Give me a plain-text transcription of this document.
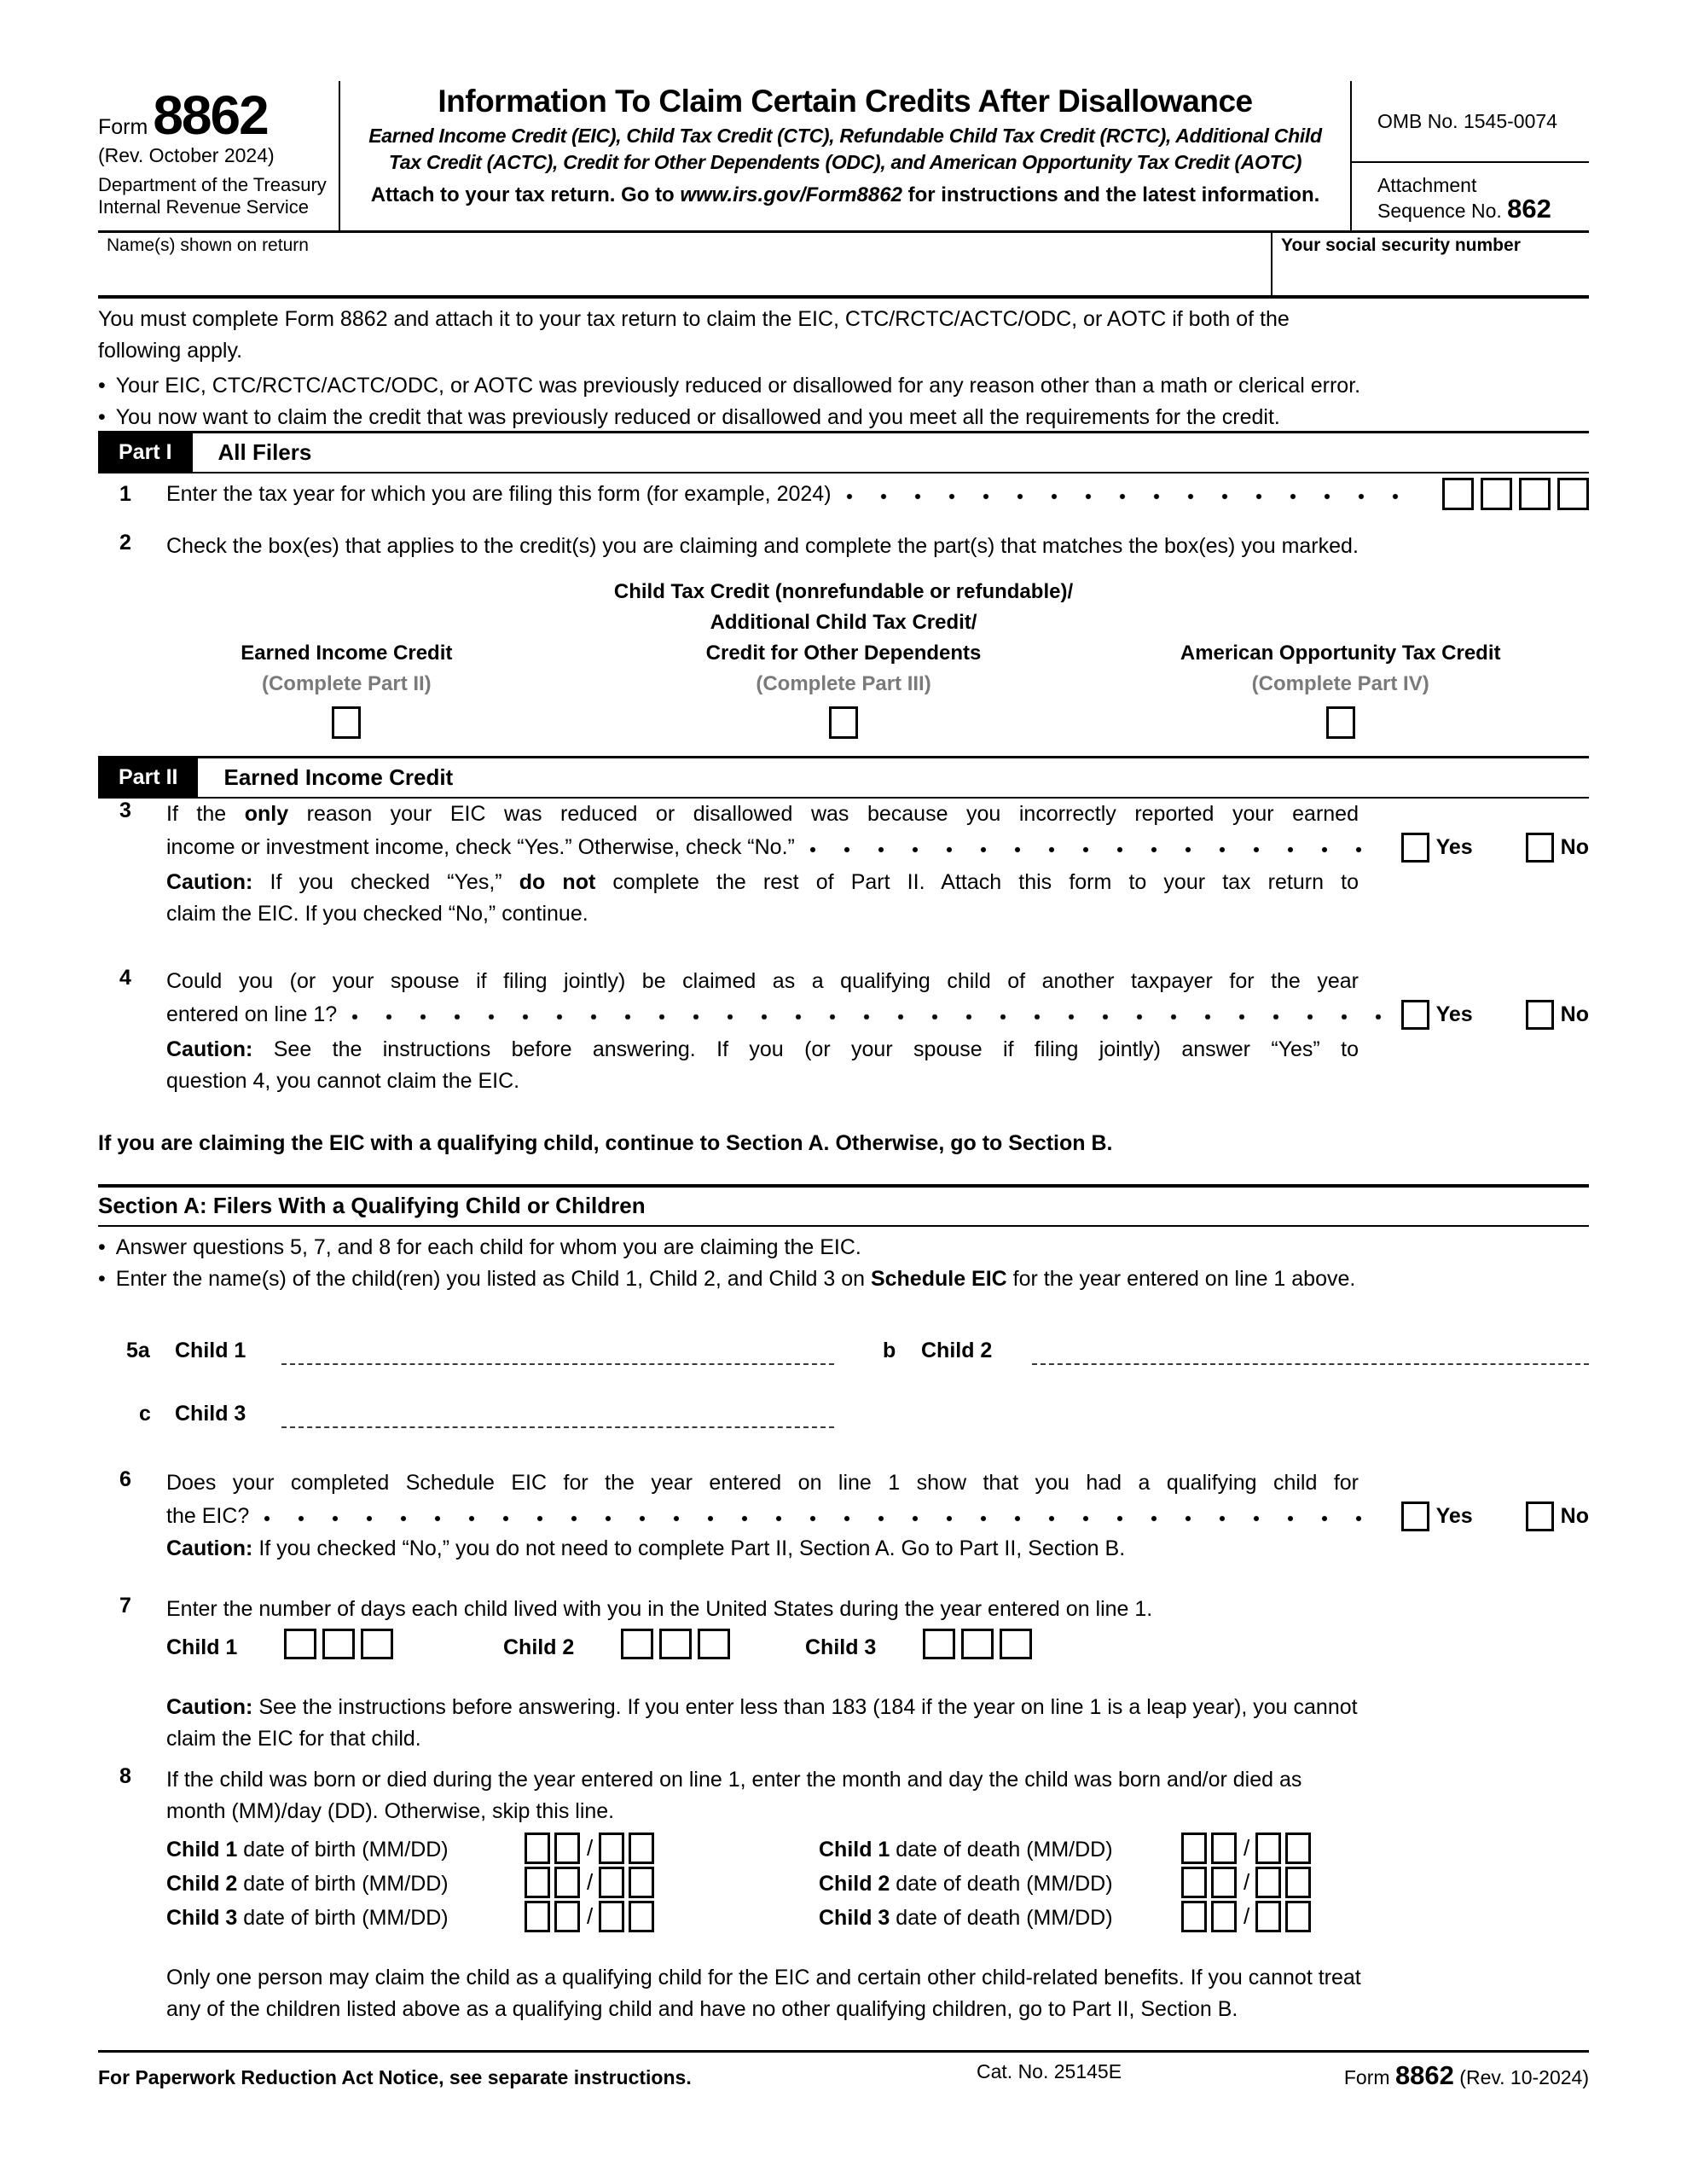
Form 8862
(Rev. October 2024)
Department of the Treasury
Internal Revenue Service
Information To Claim Certain Credits After Disallowance
Earned Income Credit (EIC), Child Tax Credit (CTC), Refundable Child Tax Credit (RCTC), Additional Child
Tax Credit (ACTC), Credit for Other Dependents (ODC), and American Opportunity Tax Credit (AOTC)
Attach to your tax return. Go to www.irs.gov/Form8862 for instructions and the latest information.
OMB No. 1545-0074
Attachment
Sequence No. 862
Name(s) shown on return	Your social security number
You must complete Form 8862 and attach it to your tax return to claim the EIC, CTC/RCTC/ACTC/ODC, or AOTC if both of the
following apply.
• Your EIC, CTC/RCTC/ACTC/ODC, or AOTC was previously reduced or disallowed for any reason other than a math or clerical error.
• You now want to claim the credit that was previously reduced or disallowed and you meet all the requirements for the credit.
Part I	All Filers
1	Enter the tax year for which you are filing this form (for example, 2024)
2	Check the box(es) that applies to the credit(s) you are claiming and complete the part(s) that matches the box(es) you marked.
Earned Income Credit
(Complete Part II)
Child Tax Credit (nonrefundable or refundable)/
Additional Child Tax Credit/
Credit for Other Dependents
(Complete Part III)
American Opportunity Tax Credit
(Complete Part IV)
Part II	Earned Income Credit
3	If the only reason your EIC was reduced or disallowed was because you incorrectly reported your earned
income or investment income, check “Yes.” Otherwise, check “No.”	Yes	No
Caution: If you checked “Yes,” do not complete the rest of Part II. Attach this form to your tax return to
claim the EIC. If you checked “No,” continue.
4	Could you (or your spouse if filing jointly) be claimed as a qualifying child of another taxpayer for the year
entered on line 1?	Yes	No
Caution: See the instructions before answering. If you (or your spouse if filing jointly) answer “Yes” to
question 4, you cannot claim the EIC.
If you are claiming the EIC with a qualifying child, continue to Section A. Otherwise, go to Section B.
Section A: Filers With a Qualifying Child or Children
• Answer questions 5, 7, and 8 for each child for whom you are claiming the EIC.
• Enter the name(s) of the child(ren) you listed as Child 1, Child 2, and Child 3 on Schedule EIC for the year entered on line 1 above.
5a Child 1	b Child 2
c Child 3
6	Does your completed Schedule EIC for the year entered on line 1 show that you had a qualifying child for
the EIC?	Yes	No
Caution: If you checked “No,” you do not need to complete Part II, Section A. Go to Part II, Section B.
7	Enter the number of days each child lived with you in the United States during the year entered on line 1.
Child 1	Child 2	Child 3
Caution: See the instructions before answering. If you enter less than 183 (184 if the year on line 1 is a leap year), you cannot
claim the EIC for that child.
8	If the child was born or died during the year entered on line 1, enter the month and day the child was born and/or died as
month (MM)/day (DD). Otherwise, skip this line.
Child 1 date of birth (MM/DD)	/	Child 1 date of death (MM/DD)	/
Child 2 date of birth (MM/DD)	/	Child 2 date of death (MM/DD)	/
Child 3 date of birth (MM/DD)	/	Child 3 date of death (MM/DD)	/
Only one person may claim the child as a qualifying child for the EIC and certain other child-related benefits. If you cannot treat
any of the children listed above as a qualifying child and have no other qualifying children, go to Part II, Section B.
For Paperwork Reduction Act Notice, see separate instructions.	Cat. No. 25145E	Form 8862 (Rev. 10-2024)
